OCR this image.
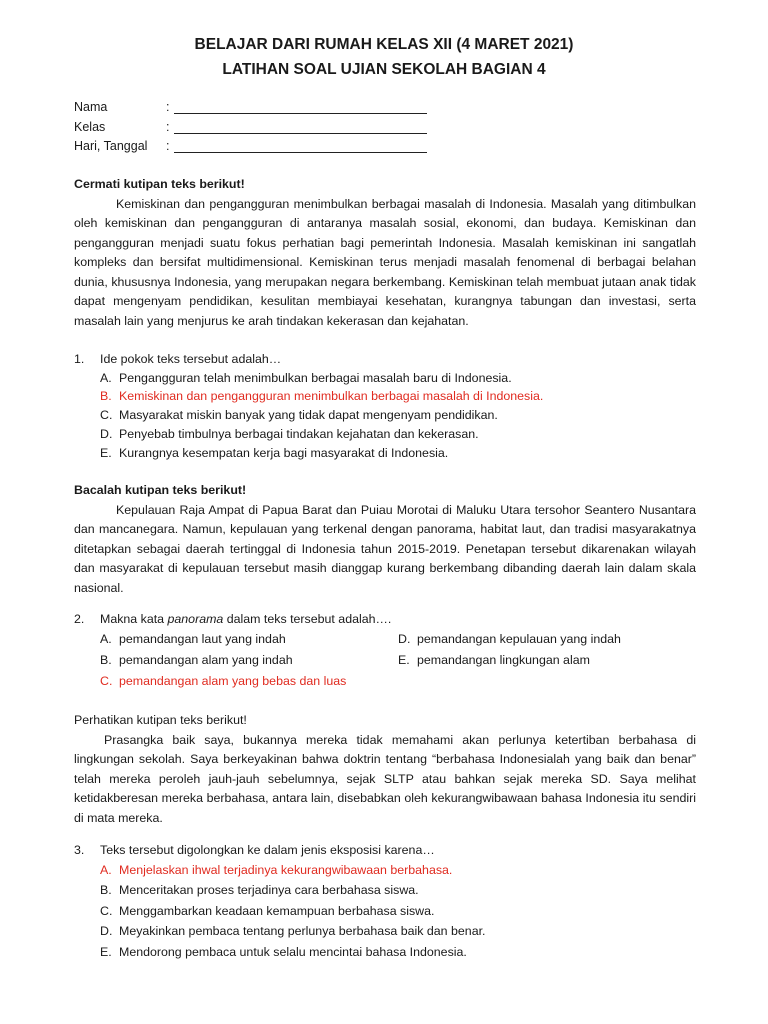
BELAJAR DARI RUMAH KELAS XII (4 MARET 2021)
LATIHAN SOAL UJIAN SEKOLAH BAGIAN 4
Nama	:
Kelas	:
Hari, Tanggal :
Cermati kutipan teks berikut!

Kemiskinan dan pengangguran menimbulkan berbagai masalah di Indonesia. Masalah yang ditimbulkan oleh kemiskinan dan pengangguran di antaranya masalah sosial, ekonomi, dan budaya. Kemiskinan dan pengangguran menjadi suatu fokus perhatian bagi pemerintah Indonesia. Masalah kemiskinan ini sangatlah kompleks dan bersifat multidimensional. Kemiskinan terus menjadi masalah fenomenal di berbagai belahan dunia, khususnya Indonesia, yang merupakan negara berkembang. Kemiskinan telah membuat jutaan anak tidak dapat mengenyam pendidikan, kesulitan membiayai kesehatan, kurangnya tabungan dan investasi, serta masalah lain yang menjurus ke arah tindakan kekerasan dan kejahatan.

1. Ide pokok teks tersebut adalah…
A. Pengangguran telah menimbulkan berbagai masalah baru di Indonesia.
B. Kemiskinan dan pengangguran menimbulkan berbagai masalah di Indonesia.
C. Masyarakat miskin banyak yang tidak dapat mengenyam pendidikan.
D. Penyebab timbulnya berbagai tindakan kejahatan dan kekerasan.
E. Kurangnya kesempatan kerja bagi masyarakat di Indonesia.
Bacalah kutipan teks berikut!

Kepulauan Raja Ampat di Papua Barat dan Puiau Morotai di Maluku Utara tersohor Seantero Nusantara dan mancanegara. Namun, kepulauan yang terkenal dengan panorama, habitat laut, dan tradisi masyarakatnya ditetapkan sebagai daerah tertinggal di Indonesia tahun 2015-2019. Penetapan tersebut dikarenakan wilayah dan masyarakat di kepulauan tersebut masih dianggap kurang berkembang dibanding daerah lain dalam skala nasional.

2. Makna kata panorama dalam teks tersebut adalah….
A. pemandangan laut yang indah
B. pemandangan alam yang indah
C. pemandangan alam yang bebas dan luas
D. pemandangan kepulauan yang indah
E. pemandangan lingkungan alam
Perhatikan kutipan teks berikut!

Prasangka baik saya, bukannya mereka tidak memahami akan perlunya ketertiban berbahasa di lingkungan sekolah. Saya berkeyakinan bahwa doktrin tentang “berbahasa Indonesialah yang baik dan benar” telah mereka peroleh jauh-jauh sebelumnya, sejak SLTP atau bahkan sejak mereka SD. Saya melihat ketidakberesan mereka berbahasa, antara lain, disebabkan oleh kekurangwibawaan bahasa Indonesia itu sendiri di mata mereka.

3. Teks tersebut digolongkan ke dalam jenis eksposisi karena…
A. Menjelaskan ihwal terjadinya kekurangwibawaan berbahasa.
B. Menceritakan proses terjadinya cara berbahasa siswa.
C. Menggambarkan keadaan kemampuan berbahasa siswa.
D. Meyakinkan pembaca tentang perlunya berbahasa baik dan benar.
E. Mendorong pembaca untuk selalu mencintai bahasa Indonesia.
